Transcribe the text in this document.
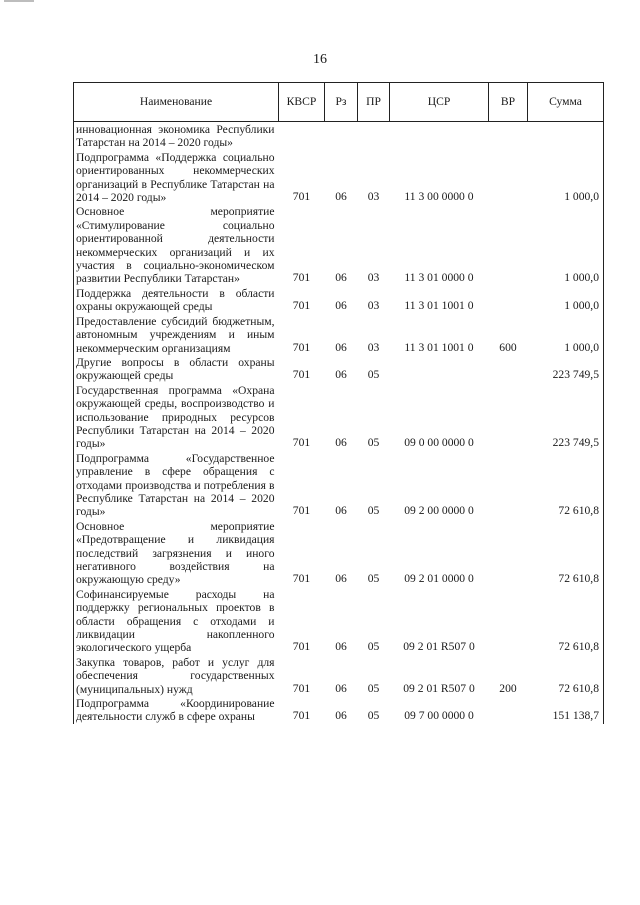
16
Наименование	КВСР	Рз	ПР	ЦСР	ВР	Сумма
инновационная экономика Республики Татарстан на 2014 – 2020 годы»						
Подпрограмма «Поддержка социально ориентированных некоммерческих организаций в Республике Татарстан на 2014 – 2020 годы»	701	06	03	11 3 00 0000 0		1 000,0
Основное мероприятие «Стимулирование социально ориентированной деятельности некоммерческих организаций и их участия в социально-экономическом развитии Республики Татарстан»	701	06	03	11 3 01 0000 0		1 000,0
Поддержка деятельности в области охраны окружающей среды	701	06	03	11 3 01 1001 0		1 000,0
Предоставление субсидий бюджетным, автономным учреждениям и иным некоммерческим организациям	701	06	03	11 3 01 1001 0	600	1 000,0
Другие вопросы в области охраны окружающей среды	701	06	05			223 749,5
Государственная программа «Охрана окружающей среды, воспроизводство и использование природных ресурсов Республики Татарстан на 2014 – 2020 годы»	701	06	05	09 0 00 0000 0		223 749,5
Подпрограмма «Государственное управление в сфере обращения с отходами производства и потребления в Республике Татарстан на 2014 – 2020 годы»	701	06	05	09 2 00 0000 0		72 610,8
Основное мероприятие «Предотвращение и ликвидация последствий загрязнения и иного негативного воздействия на окружающую среду»	701	06	05	09 2 01 0000 0		72 610,8
Софинансируемые расходы на поддержку региональных проектов в области обращения с отходами и ликвидации накопленного экологического ущерба	701	06	05	09 2 01 R507 0		72 610,8
Закупка товаров, работ и услуг для обеспечения государственных (муниципальных) нужд	701	06	05	09 2 01 R507 0	200	72 610,8
Подпрограмма «Координирование деятельности служб в сфере охраны	701	06	05	09 7 00 0000 0		151 138,7
